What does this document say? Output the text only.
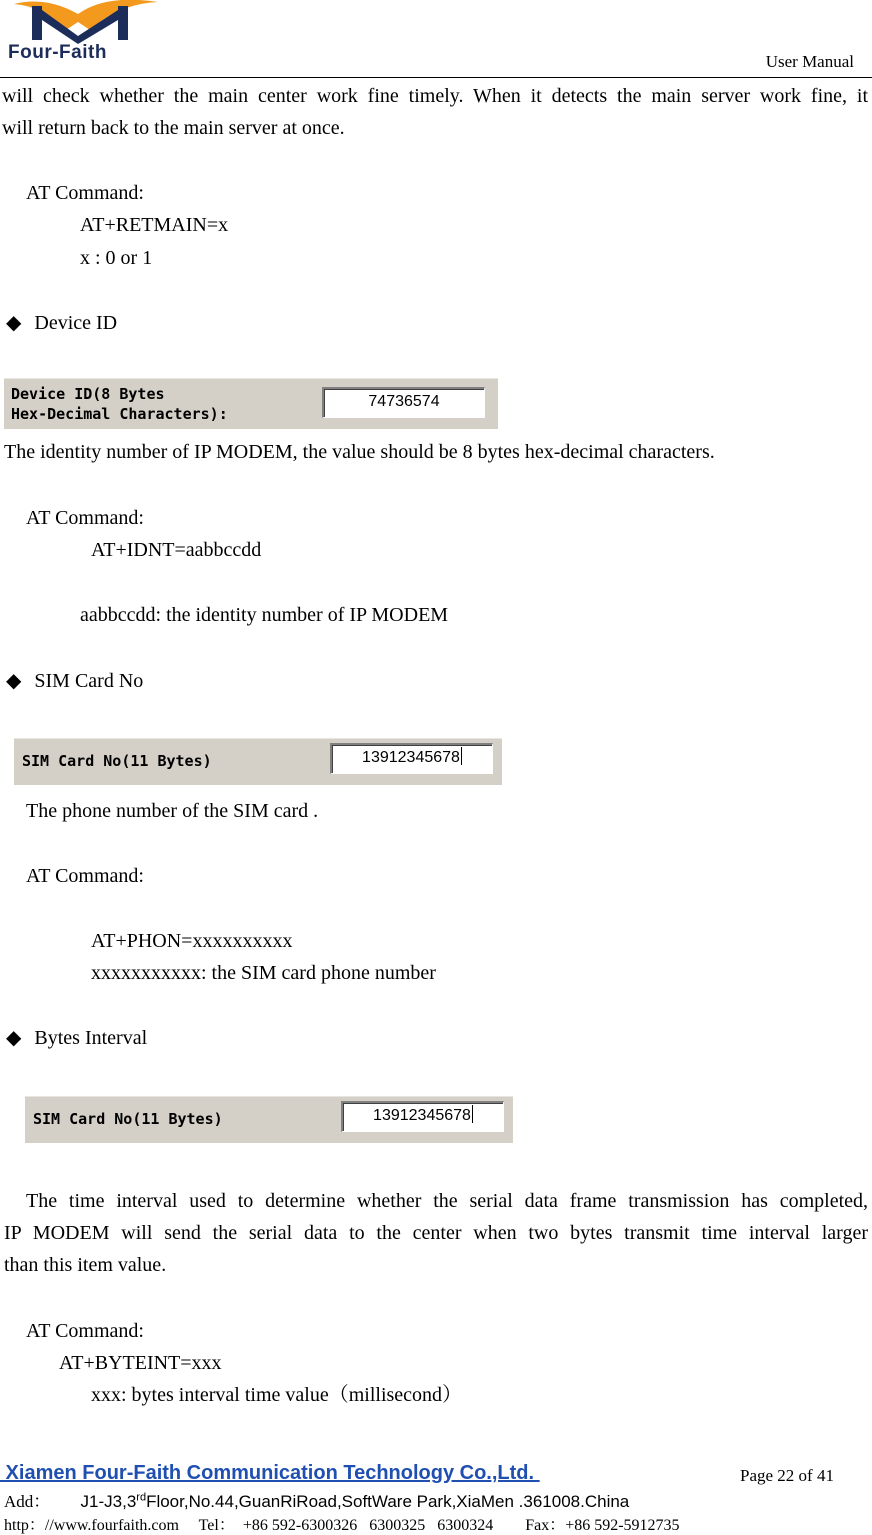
Four-Faith	User Manual
will check whether the main center work fine timely. When it detects the main server work fine, it
will return back to the main server at once.
AT Command:
AT+RETMAIN=x
x : 0 or 1
◆ Device ID
Device ID(8 Bytes
Hex-Decimal Characters):
74736574
The identity number of IP MODEM, the value should be 8 bytes hex-decimal characters.
AT Command:
AT+IDNT=aabbccdd
aabbccdd: the identity number of IP MODEM
◆ SIM Card No
SIM Card No(11 Bytes)	13912345678
The phone number of the SIM card .
AT Command:
AT+PHON=xxxxxxxxxx
xxxxxxxxxxx: the SIM card phone number
◆ Bytes Interval
SIM Card No(11 Bytes)	13912345678
The time interval used to determine whether the serial data frame transmission has completed,
IP MODEM will send the serial data to the center when two bytes transmit time interval larger
than this item value.
AT Command:
AT+BYTEINT=xxx
xxx: bytes interval time value（millisecond）
Xiamen Four-Faith Communication Technology Co.,Ltd.	Page 22 of 41
Add： J1-J3,3rdFloor,No.44,GuanRiRoad,SoftWare Park,XiaMen .361008.China
http：//www.fourfaith.com     Tel：  +86 592-6300326   6300325   6300324        Fax：+86 592-5912735
